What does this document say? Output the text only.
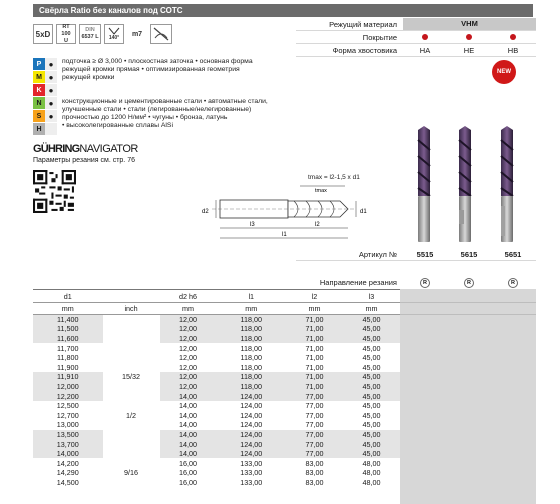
Свёрла Ratio без каналов под СОТС
5xD
RT 100
U
DIN
6537 L 140°	m7
Режущий материал	VHM
Покрытие
Форма хвостовика	HA	HE	HB
NEW
P ●
M ●
K ●
N ●
S ●
H
подточка ≥ Ø 3,000 • плоскостная заточка • основная форма
режущей кромки прямая • оптимизированная геометрия
режущей кромки
конструкционные и цементированные стали • автоматные стали,
улучшенные стали • стали (легированные/нелегированные)
прочностью до 1200 Н/мм² • чугуны • бронза, латунь
• высоколегированные сплавы AlSi
GÜHRINGNAVIGATOR
Параметры резания см. стр. 76
tmax = l2-1,5 x d1
tmax
d2	d1
l3	l2
l1
Артикул №	5515	5615	5651
Направление резания	R	R	R
d1		d2 h6	l1	l2	l3
mm	inch	mm	mm	mm	mm
11,400		12,00	118,00	71,00	45,00
11,500		12,00	118,00	71,00	45,00
11,600		12,00	118,00	71,00	45,00
11,700		12,00	118,00	71,00	45,00
11,800		12,00	118,00	71,00	45,00
11,900		12,00	118,00	71,00	45,00
11,910	15/32	12,00	118,00	71,00	45,00
12,000		12,00	118,00	71,00	45,00
12,200		14,00	124,00	77,00	45,00
12,500		14,00	124,00	77,00	45,00
12,700	1/2	14,00	124,00	77,00	45,00
13,000		14,00	124,00	77,00	45,00
13,500		14,00	124,00	77,00	45,00
13,700		14,00	124,00	77,00	45,00
14,000		14,00	124,00	77,00	45,00
14,200		16,00	133,00	83,00	48,00
14,290	9/16	16,00	133,00	83,00	48,00
14,500		16,00	133,00	83,00	48,00
